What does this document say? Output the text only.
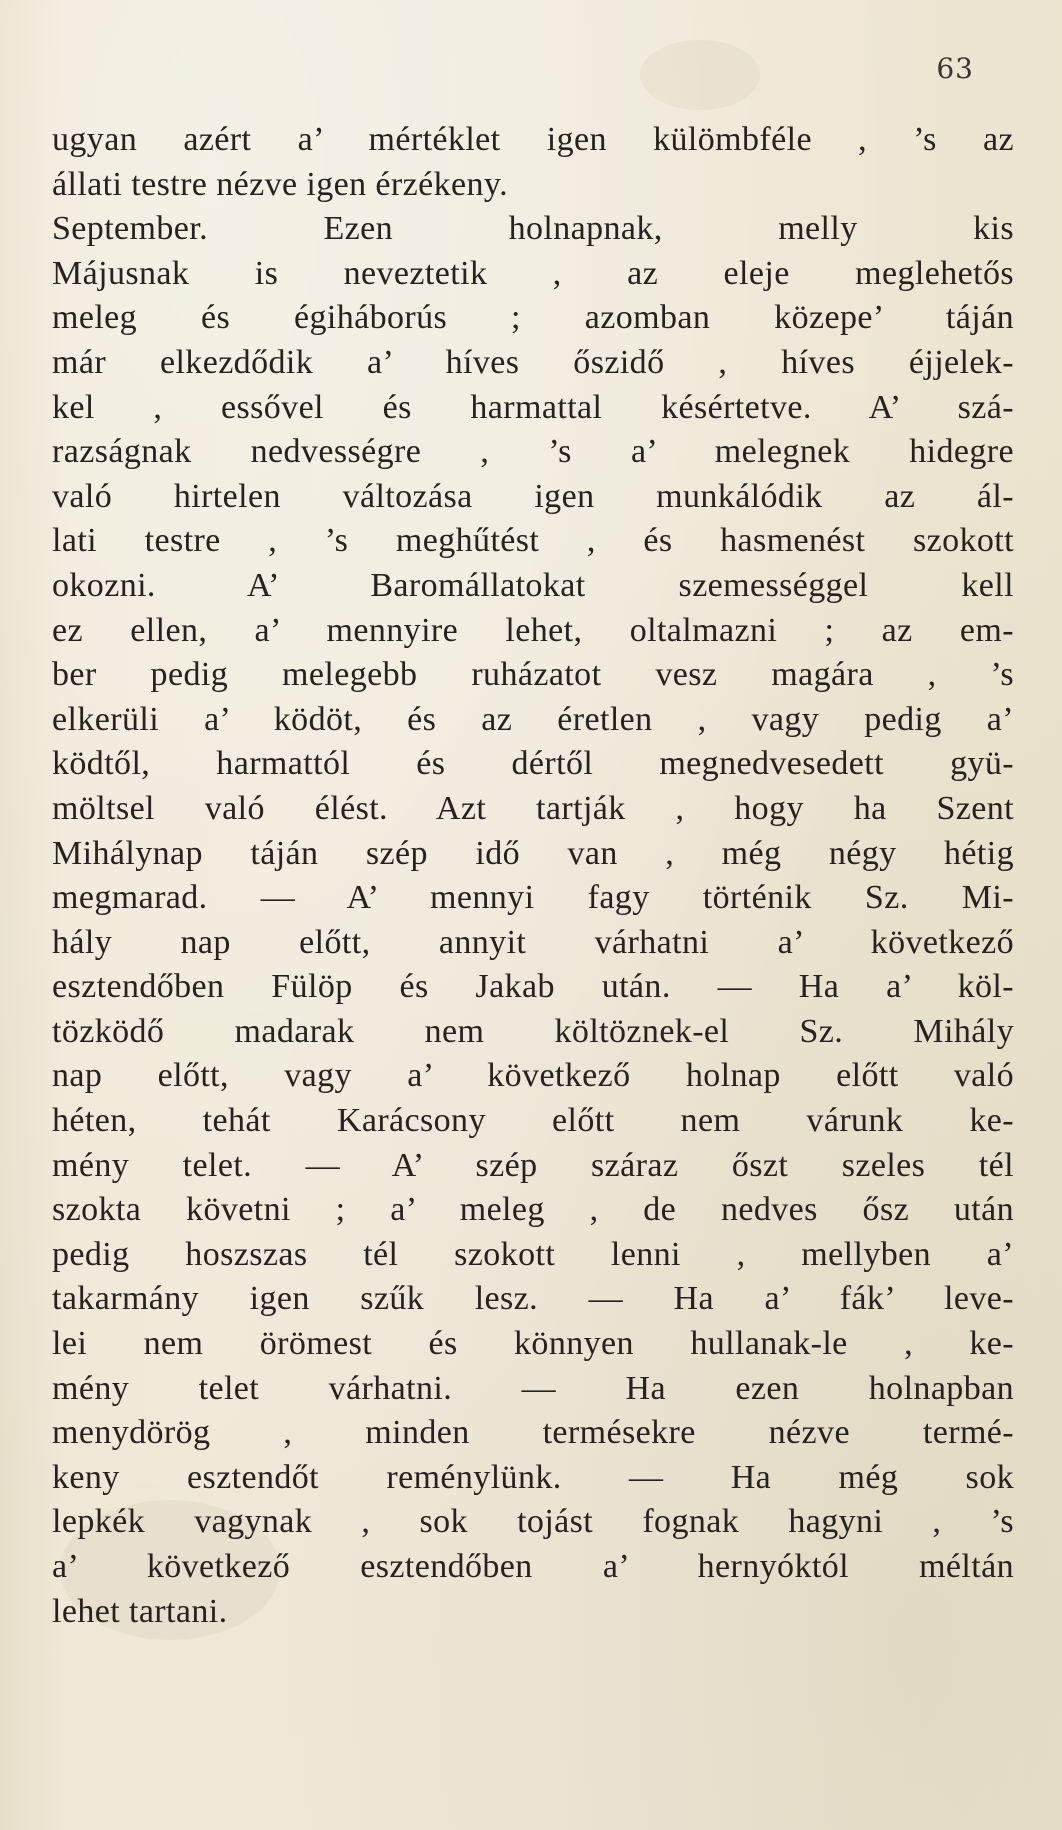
63
ugyan azért a’ mértéklet igen külömbféle , ’s az
állati testre nézve igen érzékeny.
September. Ezen holnapnak, melly kis
Májusnak is neveztetik , az eleje meglehetős
meleg és égiháborús ; azomban közepe’ táján
már elkezdődik a’ híves őszidő , híves éjjelek-
kel , essővel és harmattal késértetve. A’ szá-
razságnak nedvességre , ’s a’ melegnek hidegre
való hirtelen változása igen munkálódik az ál-
lati testre , ’s meghűtést , és hasmenést szokott
okozni. A’ Baromállatokat szemességgel kell
ez ellen, a’ mennyire lehet, oltalmazni ; az em-
ber pedig melegebb ruházatot vesz magára , ’s
elkerüli a’ ködöt, és az éretlen , vagy pedig a’
ködtől, harmattól és dértől megnedvesedett gyü-
möltsel való élést. Azt tartják , hogy ha Szent
Mihálynap táján szép idő van , még négy hétig
megmarad. — A’ mennyi fagy történik Sz. Mi-
hály nap előtt, annyit várhatni a’ következő
esztendőben Fülöp és Jakab után. — Ha a’ köl-
tözködő madarak nem költöznek-el Sz. Mihály
nap előtt, vagy a’ következő holnap előtt való
héten, tehát Karácsony előtt nem várunk ke-
mény telet. — A’ szép száraz őszt szeles tél
szokta követni ; a’ meleg , de nedves ősz után
pedig hoszszas tél szokott lenni , mellyben a’
takarmány igen szűk lesz. — Ha a’ fák’ leve-
lei nem örömest és könnyen hullanak-le , ke-
mény telet várhatni. — Ha ezen holnapban
menydörög , minden termésekre nézve termé-
keny esztendőt reménylünk. — Ha még sok
lepkék vagynak , sok tojást fognak hagyni , ’s
a’ következő esztendőben a’ hernyóktól méltán
lehet tartani.
